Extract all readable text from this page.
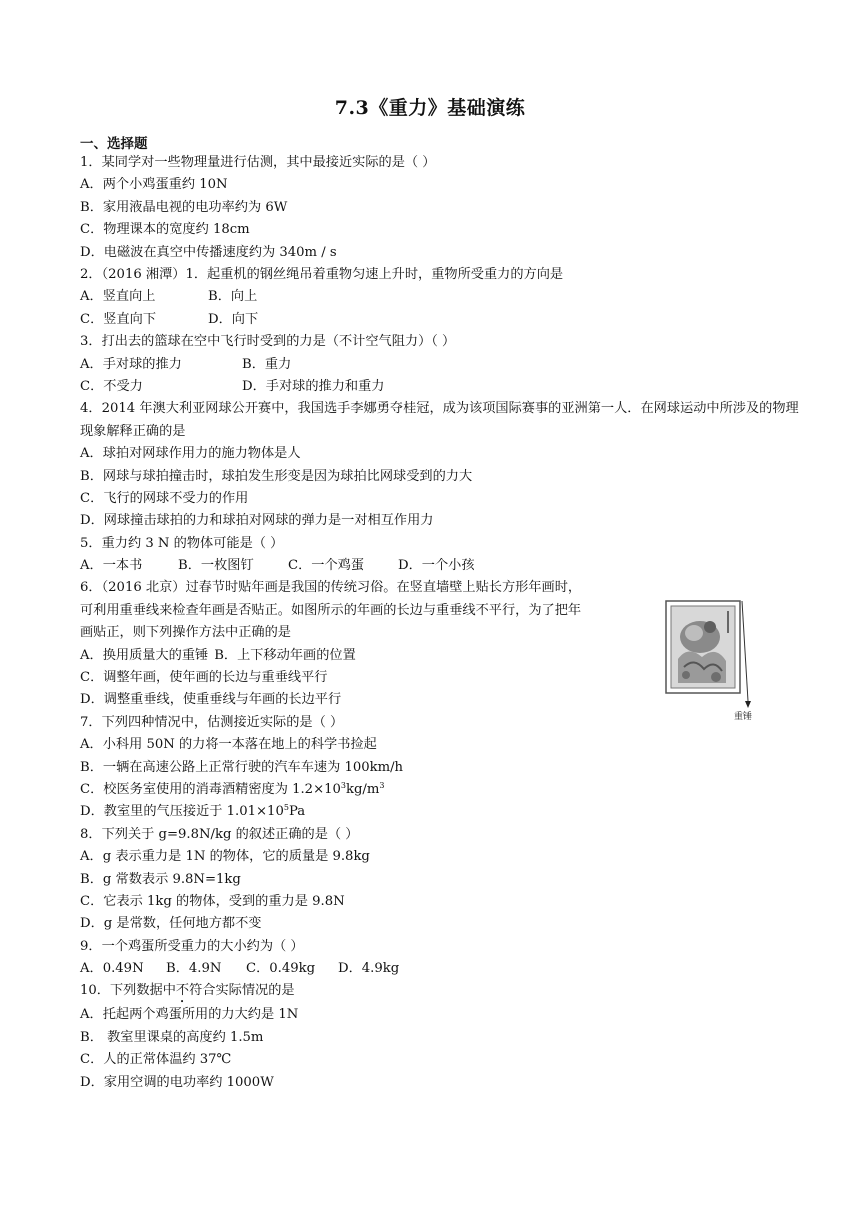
7.3《重力》基础演练
一、选择题
1．某同学对一些物理量进行估测，其中最接近实际的是（ ）
A．两个小鸡蛋重约 10N
B．家用液晶电视的电功率约为 6W
C．物理课本的宽度约 18cm
D．电磁波在真空中传播速度约为 340m / s
2．（2016 湘潭）1．起重机的钢丝绳吊着重物匀速上升时，重物所受重力的方向是
A．竖直向上	B．向上
C．竖直向下	D．向下
3．打出去的篮球在空中飞行时受到的力是（不计空气阻力）（ ）
A．手对球的推力	B．重力
C．不受力	D．手对球的推力和重力
4．2014 年澳大利亚网球公开赛中，我国选手李娜勇夺桂冠，成为该项国际赛事的亚洲第一人．在网球运动中所涉及的物理现象解释正确的是
A．球拍对网球作用力的施力物体是人
B．网球与球拍撞击时，球拍发生形变是因为球拍比网球受到的力大
C．飞行的网球不受力的作用
D．网球撞击球拍的力和球拍对网球的弹力是一对相互作用力
5．重力约 3 N 的物体可能是（ ）
A．一本书	B．一枚图钉	C．一个鸡蛋	D．一个小孩
6．（2016 北京）过春节时贴年画是我国的传统习俗。在竖直墙壁上贴长方形年画时，
可利用重垂线来检查年画是否贴正。如图所示的年画的长边与重垂线不平行，为了把年
画贴正，则下列操作方法中正确的是
A．换用质量大的重锤 B．上下移动年画的位置
C．调整年画，使年画的长边与重垂线平行
D．调整重垂线，使重垂线与年画的长边平行
7．下列四种情况中，估测接近实际的是（ ）
A．小科用 50N 的力将一本落在地上的科学书捡起
B．一辆在高速公路上正常行驶的汽车车速为 100km/h
C．校医务室使用的消毒酒精密度为 $1.2\times 10^3kg/m^3$
D．教室里的气压接近于 $1.01\times 10^5Pa$
8．下列关于 g=9.8N/kg 的叙述正确的是（ ）
A．g 表示重力是 1N 的物体，它的质量是 9.8kg
B．g 常数表示 9.8N=1kg
C．它表示 1kg 的物体，受到的重力是 9.8N
D．g 是常数，任何地方都不变
9．一个鸡蛋所受重力的大小约为（ ）
A．0.49N B．4.9N C．0.49kg D．4.9kg
10．下列数据中不符合实际情况的是
A．托起两个鸡蛋所用的力大约是 1N
B． 教室里课桌的高度约 1.5m
C．人的正常体温约 37℃
D．家用空调的电功率约 1000W
重锤
